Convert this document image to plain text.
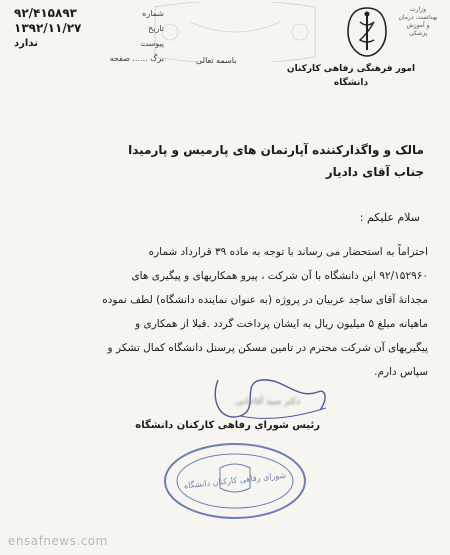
شماره
۹۲/۴۱۵۸۹۳
تاریخ
۱۳۹۲/۱۱/۲۷
پیوست
ندارد
برگ ...... صفحه	باسمه تعالی
وزارت بهداشت، درمان و آموزش پزشکی
امور فرهنگی رفاهی کارکنان
دانشگاه
مالک و واگذارکننده آپارتمان های پارمیس و پارمیدا
جناب آقای دادیار
سلام علیکم :
احتراماً به استحضار می رساند با توجه به ماده ۳۹ قرارداد شماره
۹۲/۱۵۲۹۶۰ این دانشگاه با آن شرکت ، پیرو همکاریهای و پیگیری های
مجدانهٔ آقای ساجد عربیان در پروژه (به عنوان نماینده دانشگاه) لطف نموده
ماهیانه مبلغ ۵ میلیون ریال به ایشان پرداخت گردد .قبلا از همکاری و
پیگیریهای آن شرکت محترم در تامین مسکن پرسنل دانشگاه کمال تشکر و
سپاس دارم.
دکتر سید آقاجانی
رئیس شورای رفاهی کارکنان دانشگاه
شورای رفاهی کارکنان دانشگاه
ensafnews.com
